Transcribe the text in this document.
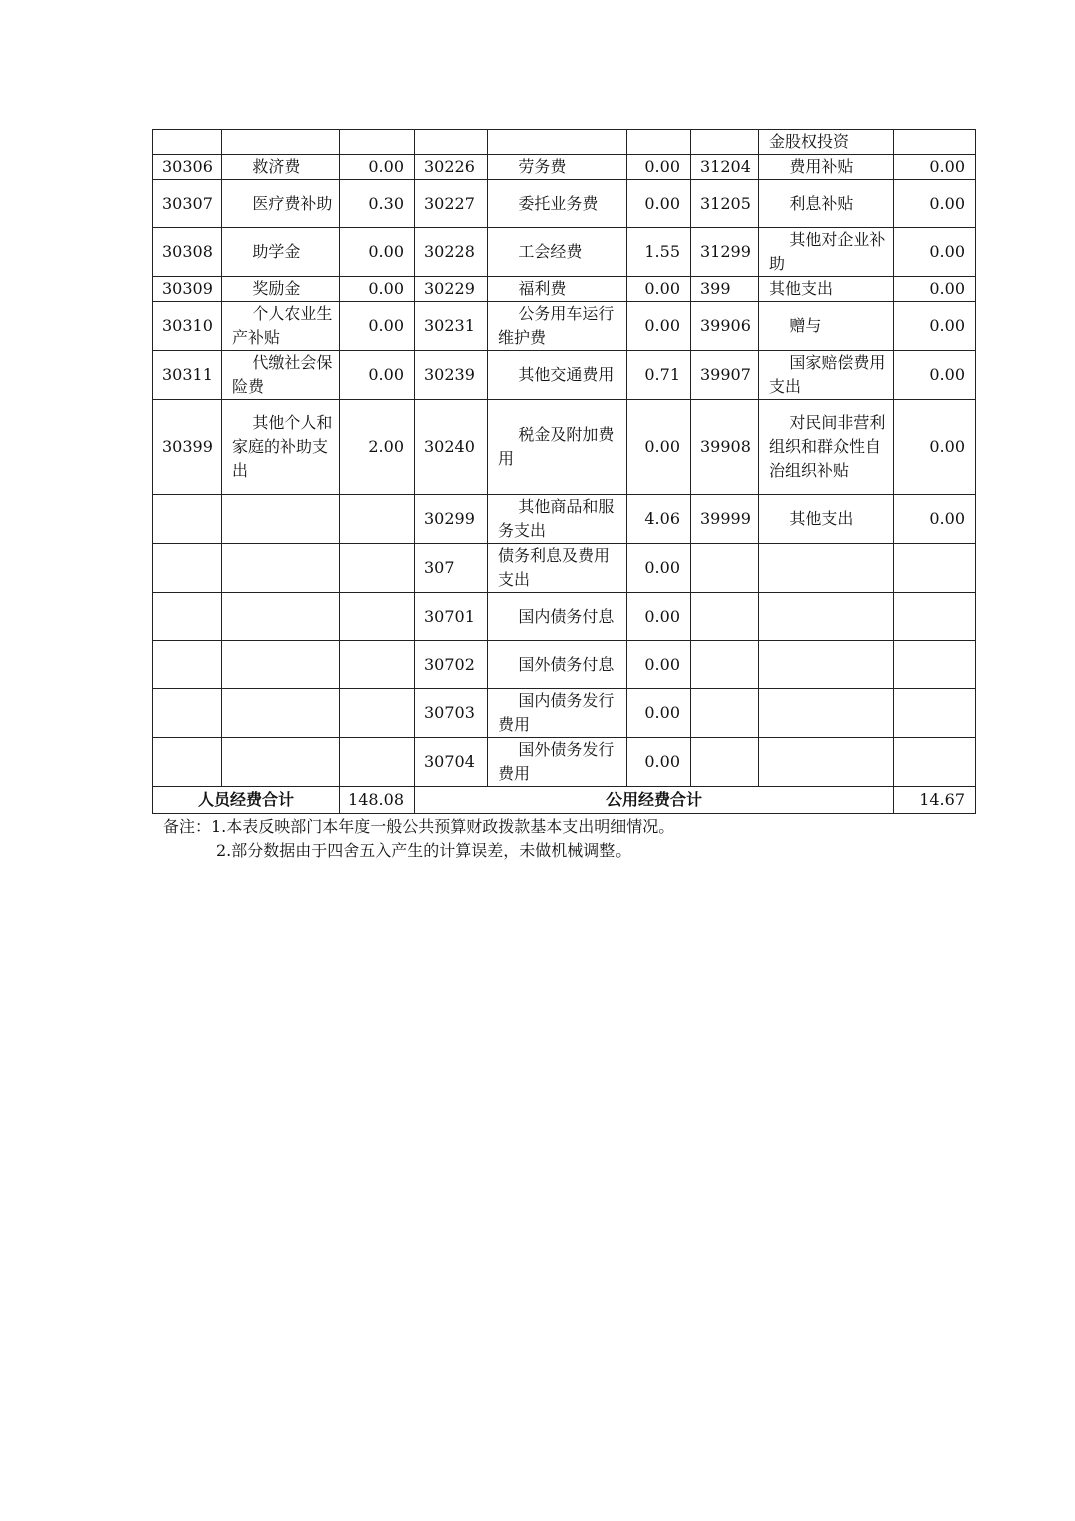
							金股权投资	
30306	救济费	0.00	30226	劳务费	0.00	31204	费用补贴	0.00
30307	医疗费补助	0.30	30227	委托业务费	0.00	31205	利息补贴	0.00
30308	助学金	0.00	30228	工会经费	1.55	31299	其他对企业补助	0.00
30309	奖励金	0.00	30229	福利费	0.00	399	其他支出	0.00
30310	个人农业生产补贴	0.00	30231	公务用车运行维护费	0.00	39906	赠与	0.00
30311	代缴社会保险费	0.00	30239	其他交通费用	0.71	39907	国家赔偿费用支出	0.00
30399	其他个人和家庭的补助支出	2.00	30240	税金及附加费用	0.00	39908	对民间非营利组织和群众性自治组织补贴	0.00
			30299	其他商品和服务支出	4.06	39999	其他支出	0.00
			307	债务利息及费用支出	0.00			
			30701	国内债务付息	0.00			
			30702	国外债务付息	0.00			
			30703	国内债务发行费用	0.00			
			30704	国外债务发行费用	0.00			
人员经费合计		148.08	公用经费合计					14.67
备注：1.本表反映部门本年度一般公共预算财政拨款基本支出明细情况。
2.部分数据由于四舍五入产生的计算误差，未做机械调整。
